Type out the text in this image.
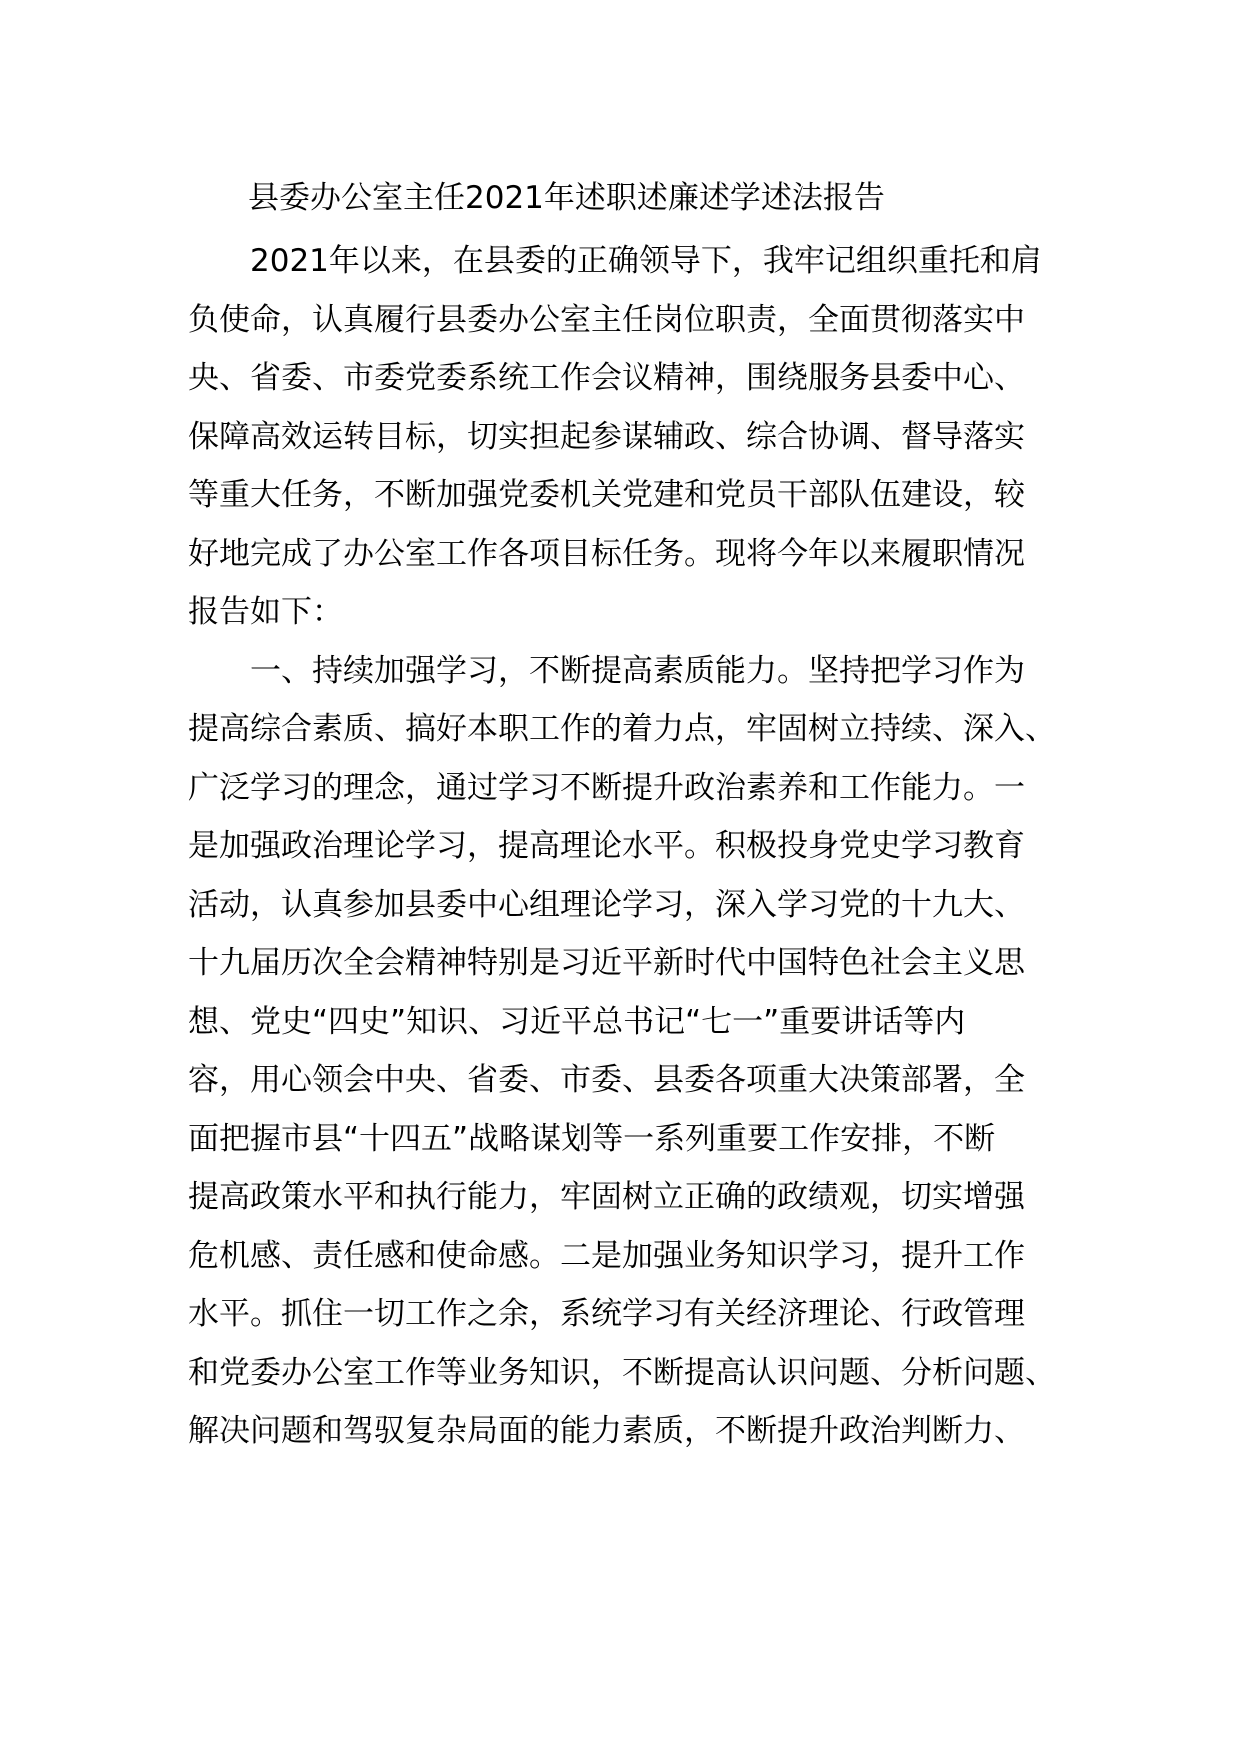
县委办公室主任2021年述职述廉述学述法报告

2021年以来，在县委的正确领导下，我牢记组织重托和肩

负使命，认真履行县委办公室主任岗位职责，全面贯彻落实中

央、省委、市委党委系统工作会议精神，围绕服务县委中心、

保障高效运转目标，切实担起参谋辅政、综合协调、督导落实

等重大任务，不断加强党委机关党建和党员干部队伍建设，较

好地完成了办公室工作各项目标任务。现将今年以来履职情况

报告如下：

一、持续加强学习，不断提高素质能力。坚持把学习作为

提高综合素质、搞好本职工作的着力点，牢固树立持续、深入、

广泛学习的理念，通过学习不断提升政治素养和工作能力。一

是加强政治理论学习，提高理论水平。积极投身党史学习教育

活动，认真参加县委中心组理论学习，深入学习党的十九大、

十九届历次全会精神特别是习近平新时代中国特色社会主义思

想、党史“四史”知识、习近平总书记“七一”重要讲话等内

容，用心领会中央、省委、市委、县委各项重大决策部署，全

面把握市县“十四五”战略谋划等一系列重要工作安排，不断

提高政策水平和执行能力，牢固树立正确的政绩观，切实增强

危机感、责任感和使命感。二是加强业务知识学习，提升工作

水平。抓住一切工作之余，系统学习有关经济理论、行政管理

和党委办公室工作等业务知识，不断提高认识问题、分析问题、

解决问题和驾驭复杂局面的能力素质，不断提升政治判断力、
